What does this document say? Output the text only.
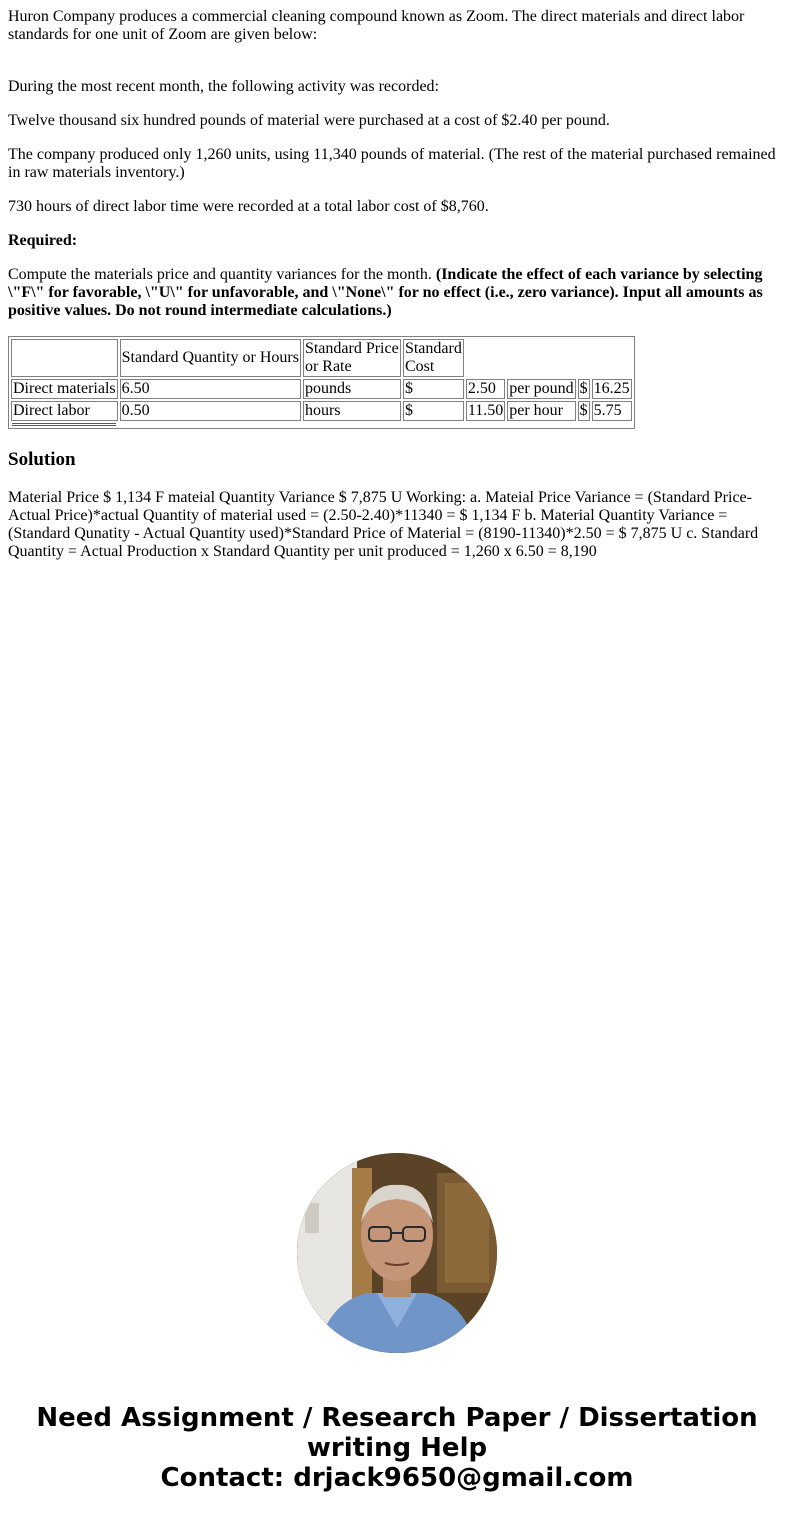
Huron Company produces a commercial cleaning compound known as Zoom. The direct materials and direct labor standards for one unit of Zoom are given below:

During the most recent month, the following activity was recorded:

Twelve thousand six hundred pounds of material were purchased at a cost of $2.40 per pound.

The company produced only 1,260 units, using 11,340 pounds of material. (The rest of the material purchased remained in raw materials inventory.)

730 hours of direct labor time were recorded at a total labor cost of $8,760.

Required:

Compute the materials price and quantity variances for the month. (Indicate the effect of each variance by selecting \"F\" for favorable, \"U\" for unfavorable, and \"None\" for no effect (i.e., zero variance). Input all amounts as positive values. Do not round intermediate calculations.)

	Standard Quantity or Hours	Standard Price or Rate	Standard Cost				
Direct materials	6.50	pounds	$	2.50	per pound	$	16.25
Direct labor	0.50	hours	$	11.50	per hour	$	5.75

Solution

Material Price $ 1,134 F mateial Quantity Variance $ 7,875 U Working: a. Mateial Price Variance = (Standard Price-Actual Price)*actual Quantity of material used = (2.50-2.40)*11340 = $ 1,134 F b. Material Quantity Variance = (Standard Qunatity - Actual Quantity used)*Standard Price of Material = (8190-11340)*2.50 = $ 7,875 U c. Standard Quantity = Actual Production x Standard Quantity per unit produced = 1,260 x 6.50 = 8,190

Need Assignment / Research Paper / Dissertation writing Help
Contact: drjack9650@gmail.com
